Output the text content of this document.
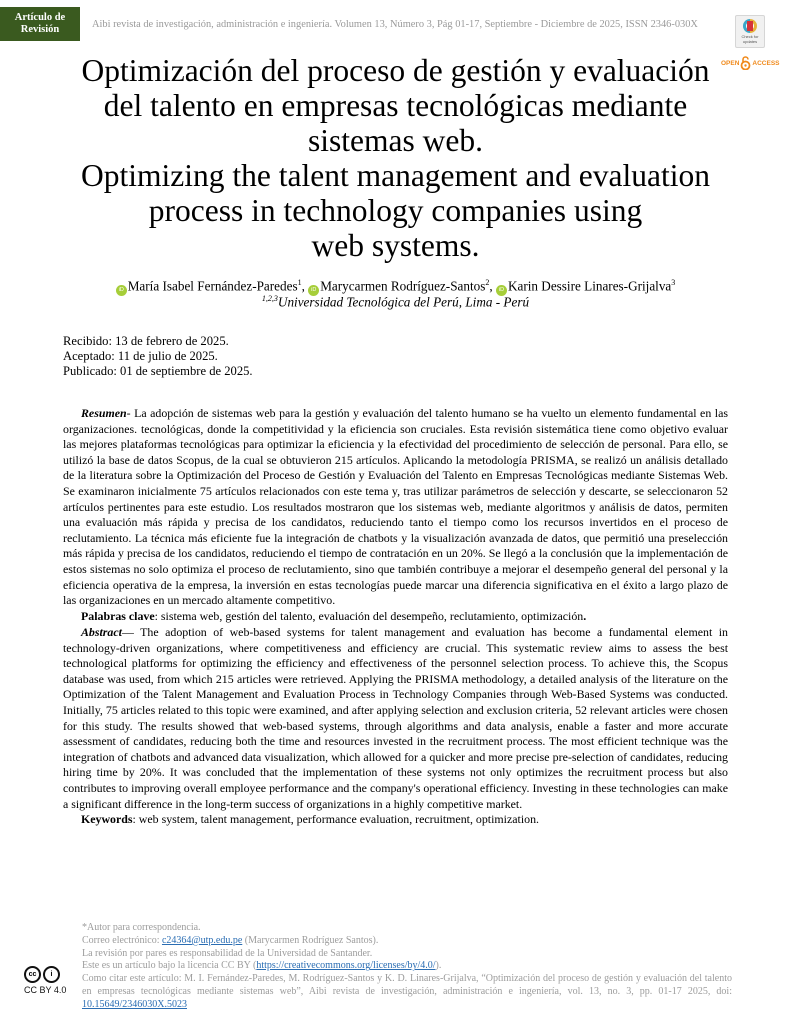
Artículo de
Revisión	Aibi revista de investigación, administración e ingeniería. Volumen 13, Número 3, Pág 01-17, Septiembre - Diciembre de 2025, ISSN 2346-030X
Check for updates
OPEN ACCESS
Optimización del proceso de gestión y evaluación
del talento en empresas tecnológicas mediante
sistemas web.
Optimizing the talent management and evaluation
process in technology companies using
web systems.
iD María Isabel Fernández-Paredes$^1$, iD Marycarmen Rodríguez-Santos$^2$, iD Karin Dessire Linares-Grijalva$^3$
$^{1,2,3}$Universidad Tecnológica del Perú, Lima - Perú
Recibido: 13 de febrero de 2025.
Aceptado: 11 de julio de 2025.
Publicado: 01 de septiembre de 2025.

Resumen- La adopción de sistemas web para la gestión y evaluación del talento humano se ha vuelto un elemento fundamental en las organizaciones. tecnológicas, donde la competitividad y la eficiencia son cruciales. Esta revisión sistemática tiene como objetivo evaluar las mejores plataformas tecnológicas para optimizar la eficiencia y la efectividad del procedimiento de selección de personal. Para ello, se utilizó la base de datos Scopus, de la cual se obtuvieron 215 artículos. Aplicando la metodología PRISMA, se realizó un análisis detallado de la literatura sobre la Optimización del Proceso de Gestión y Evaluación del Talento en Empresas Tecnológicas mediante Sistemas Web. Se examinaron inicialmente 75 artículos relacionados con este tema y, tras utilizar parámetros de selección y descarte, se seleccionaron 52 artículos pertinentes para este estudio. Los resultados mostraron que los sistemas web, mediante algoritmos y análisis de datos, permiten una evaluación más rápida y precisa de los candidatos, reduciendo tanto el tiempo como los recursos invertidos en el proceso de reclutamiento. La técnica más eficiente fue la integración de chatbots y la visualización avanzada de datos, que permitió una preselección más rápida y precisa de los candidatos, reduciendo el tiempo de contratación en un 20%. Se llegó a la conclusión que la implementación de estos sistemas no solo optimiza el proceso de reclutamiento, sino que también contribuye a mejorar el desempeño general del personal y la eficiencia operativa de la empresa, la inversión en estas tecnologías puede marcar una diferencia significativa en el éxito a largo plazo de las organizaciones en un mercado altamente competitivo.

Palabras clave: sistema web, gestión del talento, evaluación del desempeño, reclutamiento, optimización.

Abstract— The adoption of web-based systems for talent management and evaluation has become a fundamental element in technology-driven organizations, where competitiveness and efficiency are crucial. This systematic review aims to assess the best technological platforms for optimizing the efficiency and effectiveness of the personnel selection process. To achieve this, the Scopus database was used, from which 215 articles were retrieved. Applying the PRISMA methodology, a detailed analysis of the literature on the Optimization of the Talent Management and Evaluation Process in Technology Companies through Web-Based Systems was conducted. Initially, 75 articles related to this topic were examined, and after applying selection and exclusion criteria, 52 relevant articles were chosen for this study. The results showed that web-based systems, through algorithms and data analysis, enable a faster and more accurate assessment of candidates, reducing both the time and resources invested in the recruitment process. The most efficient technique was the integration of chatbots and advanced data visualization, which allowed for a quicker and more precise pre-selection of candidates, reducing hiring time by 20%. It was concluded that the implementation of these systems not only optimizes the recruitment process but also contributes to improving overall employee performance and the company's operational efficiency. Investing in these technologies can make a significant difference in the long-term success of organizations in a highly competitive market.

Keywords: web system, talent management, performance evaluation, recruitment, optimization.

cc	i
CC BY 4.0
*Autor para correspondencia.
Correo electrónico: c24364@utp.edu.pe (Marycarmen Rodríguez Santos).
La revisión por pares es responsabilidad de la Universidad de Santander.
Este es un artículo bajo la licencia CC BY (https://creativecommons.org/licenses/by/4.0/).
Como citar este artículo: M. I. Fernández-Paredes, M. Rodríguez-Santos y K. D. Linares-Grijalva, “Optimización del proceso de gestión y evaluación del talento en empresas tecnológicas mediante sistemas web”, Aibi revista de investigación, administración e ingeniería, vol. 13, no. 3, pp. 01-17 2025, doi: 10.15649/2346030X.5023
